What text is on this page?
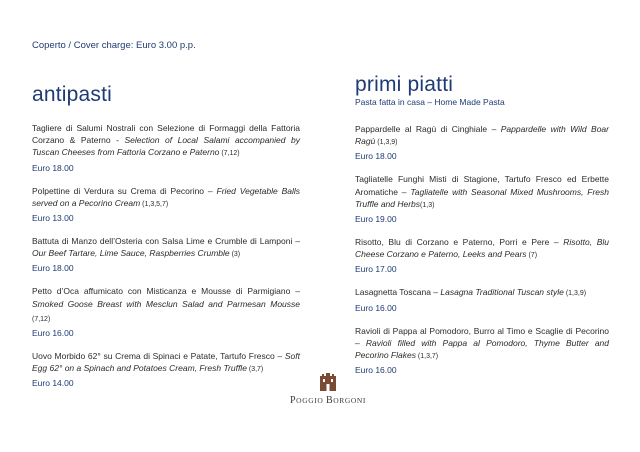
Coperto / Cover charge: Euro 3.00 p.p.
antipasti
Tagliere di Salumi Nostrali con Selezione di Formaggi della Fattoria Corzano & Paterno - Selection of Local Salami accompanied by Tuscan Cheeses from Fattoria Corzano e Paterno (7,12)
Euro 18.00
Polpettine di Verdura su Crema di Pecorino – Fried Vegetable Balls served on a Pecorino Cream (1,3,5,7)
Euro 13.00
Battuta di Manzo dell’Osteria con Salsa Lime e Crumble di Lamponi – Our Beef Tartare, Lime Sauce, Raspberries Crumble (3)
Euro 18.00
Petto d’Oca affumicato con Misticanza e Mousse di Parmigiano – Smoked Goose Breast with Mesclun Salad and Parmesan Mousse (7,12)
Euro 16.00
Uovo Morbido 62° su Crema di Spinaci e Patate, Tartufo Fresco – Soft Egg 62° on a Spinach and Potatoes Cream, Fresh Truffle (3,7)
Euro 14.00
primi piatti
Pasta fatta in casa – Home Made Pasta
Pappardelle al Ragù di Cinghiale – Pappardelle with Wild Boar Ragù (1,3,9)
Euro 18.00
Tagliatelle Funghi Misti di Stagione, Tartufo Fresco ed Erbette Aromatiche – Tagliatelle with Seasonal Mixed Mushrooms, Fresh Truffle and Herbs(1,3)
Euro 19.00
Risotto, Blu di Corzano e Paterno, Porri e Pere – Risotto, Blu Cheese Corzano e Paterno, Leeks and Pears (7)
Euro 17.00
Lasagnetta Toscana – Lasagna Traditional Tuscan style (1,3,9)
Euro 16.00
Ravioli di Pappa al Pomodoro, Burro al Timo e Scaglie di Pecorino – Ravioli filled with Pappa al Pomodoro, Thyme Butter and Pecorino Flakes (1,3,7)
Euro 16.00
POGGIO BORGONI
